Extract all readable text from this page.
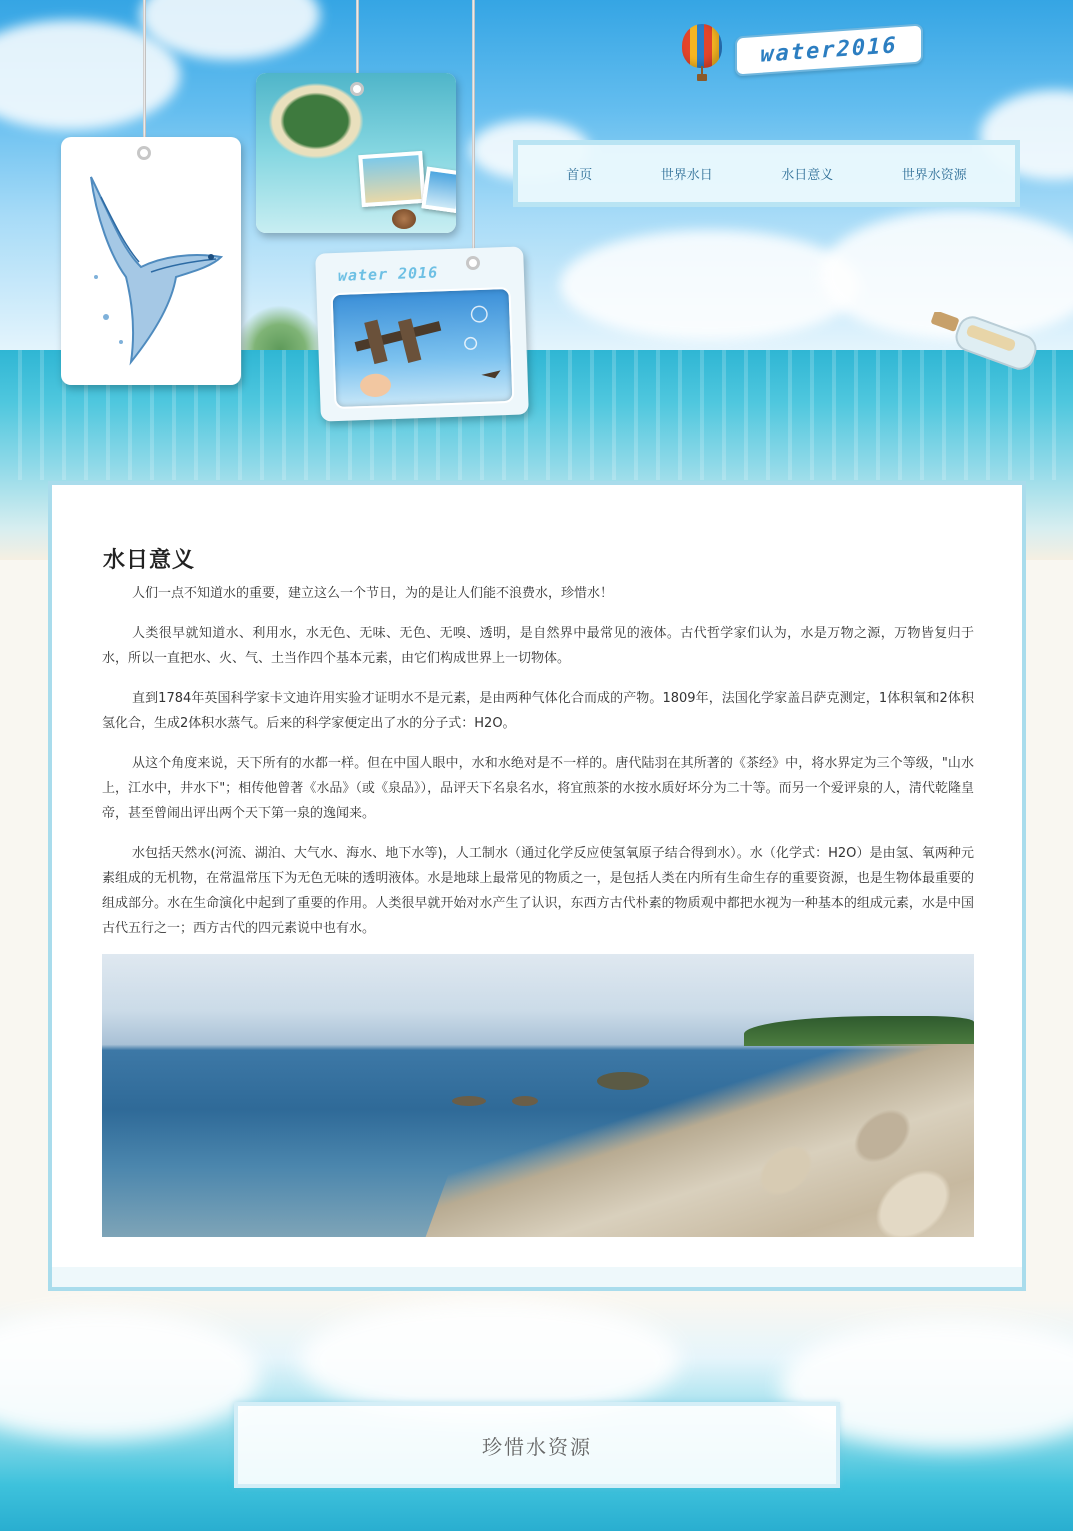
water2016
首页	世界水日	水日意义	世界水资源
water 2016
水日意义

人们一点不知道水的重要，建立这么一个节日，为的是让人们能不浪费水，珍惜水！

人类很早就知道水、利用水，水无色、无味、无色、无嗅、透明，是自然界中最常见的液体。古代哲学家们认为，水是万物之源，万物皆复归于水，所以一直把水、火、气、土当作四个基本元素，由它们构成世界上一切物体。

直到1784年英国科学家卡文迪许用实验才证明水不是元素，是由两种气体化合而成的产物。1809年，法国化学家盖吕萨克测定，1体积氧和2体积氢化合，生成2体积水蒸气。后来的科学家便定出了水的分子式：H2O。

从这个角度来说，天下所有的水都一样。但在中国人眼中，水和水绝对是不一样的。唐代陆羽在其所著的《茶经》中，将水界定为三个等级，"山水上，江水中，井水下"；相传他曾著《水品》（或《泉品》），品评天下名泉名水，将宜煎茶的水按水质好坏分为二十等。而另一个爱评泉的人，清代乾隆皇帝，甚至曾闹出评出两个天下第一泉的逸闻来。

水包括天然水(河流、湖泊、大气水、海水、地下水等)，人工制水（通过化学反应使氢氧原子结合得到水）。水（化学式：H2O）是由氢、氧两种元素组成的无机物，在常温常压下为无色无味的透明液体。水是地球上最常见的物质之一，是包括人类在内所有生命生存的重要资源，也是生物体最重要的组成部分。水在生命演化中起到了重要的作用。人类很早就开始对水产生了认识，东西方古代朴素的物质观中都把水视为一种基本的组成元素，水是中国古代五行之一；西方古代的四元素说中也有水。

珍惜水资源
